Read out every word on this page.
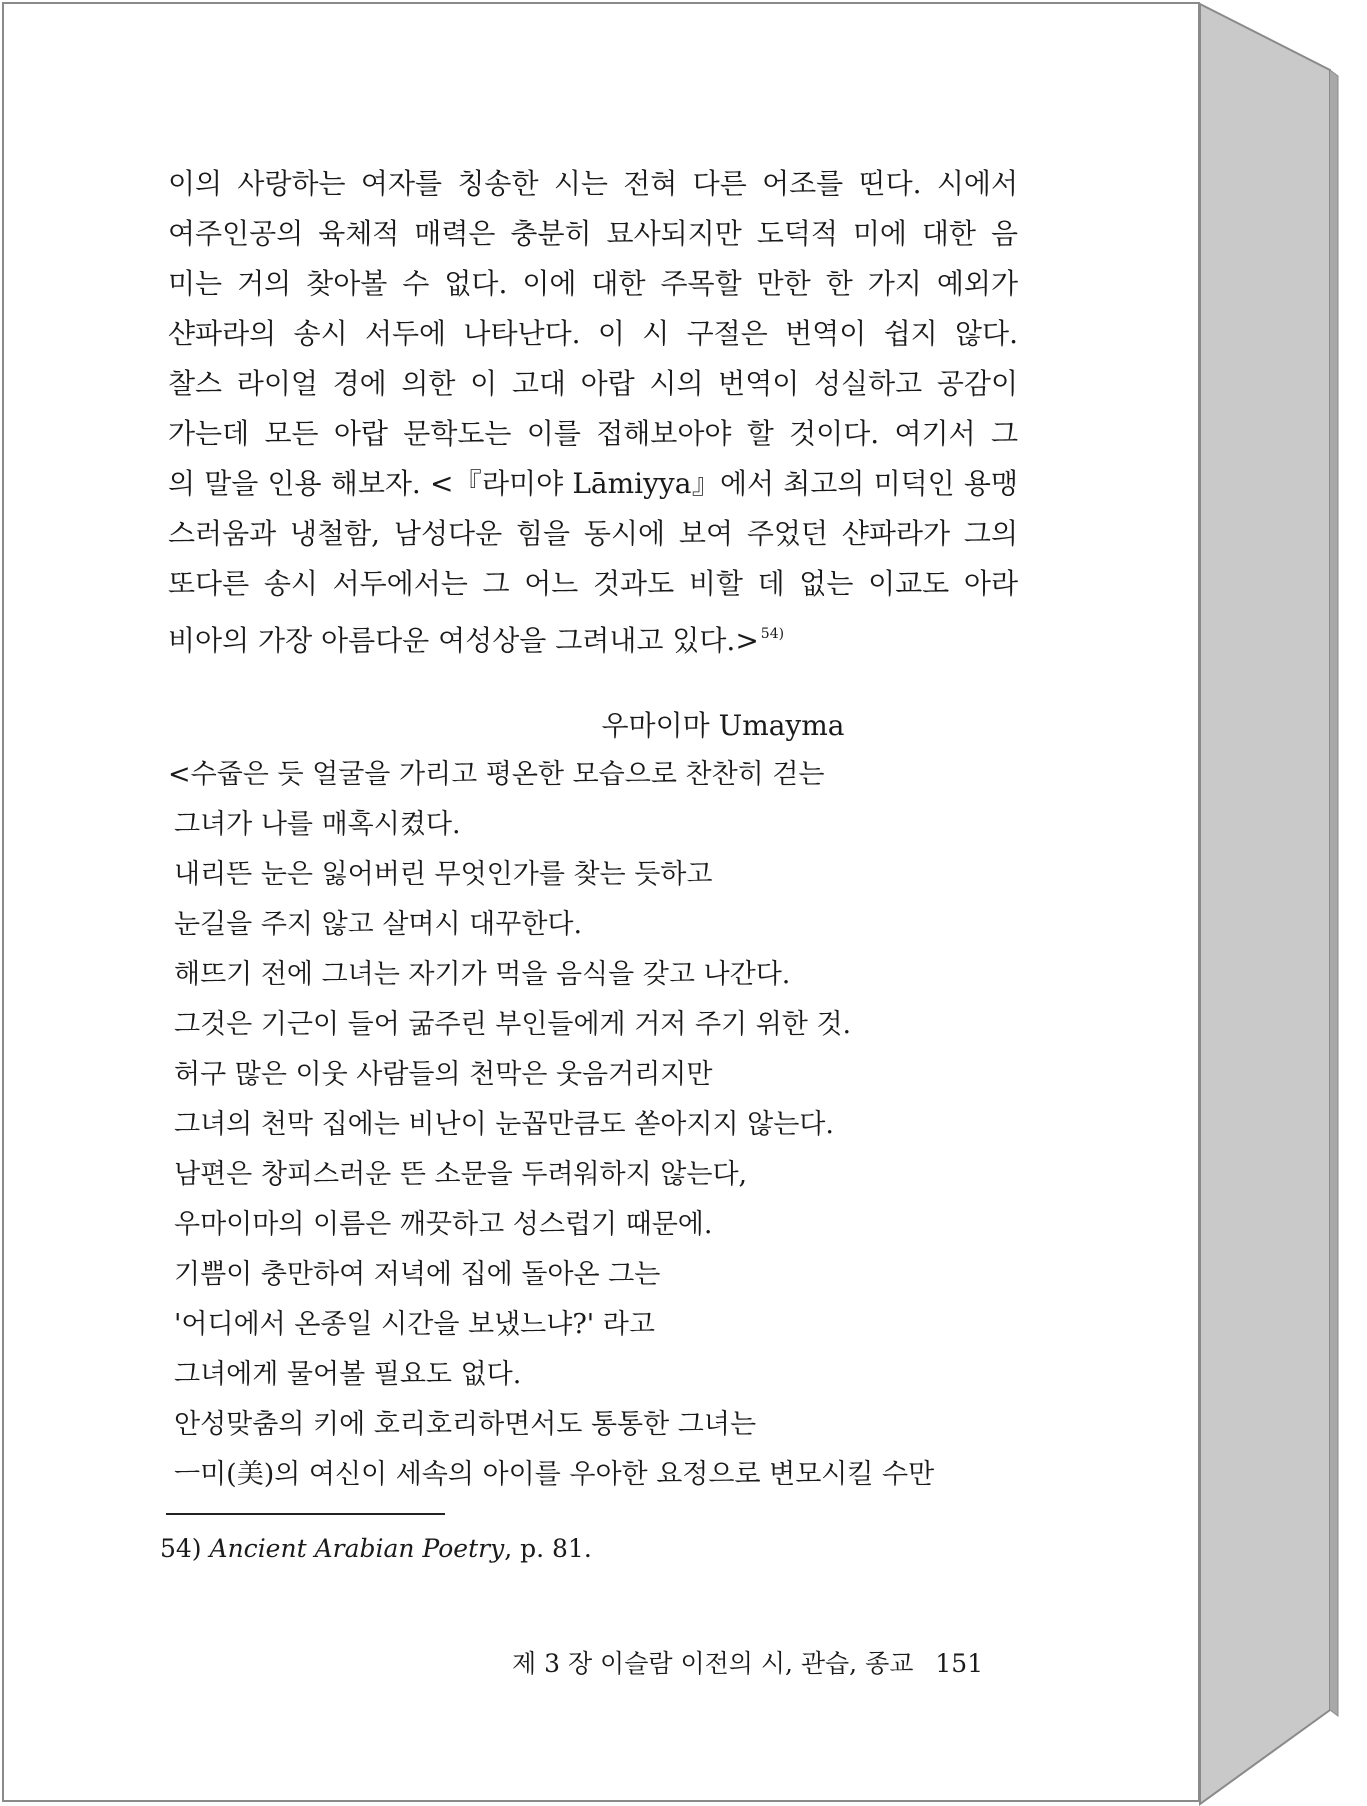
이의 사랑하는 여자를 칭송한 시는 전혀 다른 어조를 띤다. 시에서
여주인공의 육체적 매력은 충분히 묘사되지만 도덕적 미에 대한 음
미는 거의 찾아볼 수 없다. 이에 대한 주목할 만한 한 가지 예외가
샨파라의 송시 서두에 나타난다. 이 시 구절은 번역이 쉽지 않다.
찰스 라이얼 경에 의한 이 고대 아랍 시의 번역이 성실하고 공감이
가는데 모든 아랍 문학도는 이를 접해보아야 할 것이다. 여기서 그
의 말을 인용 해보자. <『라미야 Lāmiyya』에서 최고의 미덕인 용맹
스러움과 냉철함, 남성다운 힘을 동시에 보여 주었던 샨파라가 그의
또다른 송시 서두에서는 그 어느 것과도 비할 데 없는 이교도 아라
비아의 가장 아름다운 여성상을 그려내고 있다.> $^{54)}$
우마이마 Umayma
<수줍은 듯 얼굴을 가리고 평온한 모습으로 찬찬히 걷는
그녀가 나를 매혹시켰다.
내리뜬 눈은 잃어버린 무엇인가를 찾는 듯하고
눈길을 주지 않고 살며시 대꾸한다.
해뜨기 전에 그녀는 자기가 먹을 음식을 갖고 나간다.
그것은 기근이 들어 굶주린 부인들에게 거저 주기 위한 것.
허구 많은 이웃 사람들의 천막은 웃음거리지만
그녀의 천막 집에는 비난이 눈꼽만큼도 쏟아지지 않는다.
남편은 창피스러운 뜬 소문을 두려워하지 않는다,
우마이마의 이름은 깨끗하고 성스럽기 때문에.
기쁨이 충만하여 저녁에 집에 돌아온 그는
'어디에서 온종일 시간을 보냈느냐?' 라고
그녀에게 물어볼 필요도 없다.
안성맞춤의 키에 호리호리하면서도 통통한 그녀는
ㅡ미(美)의 여신이 세속의 아이를 우아한 요정으로 변모시킬 수만
54) Ancient Arabian Poetry, p. 81.
제 3 장 이슬람 이전의 시, 관습, 종교 151
